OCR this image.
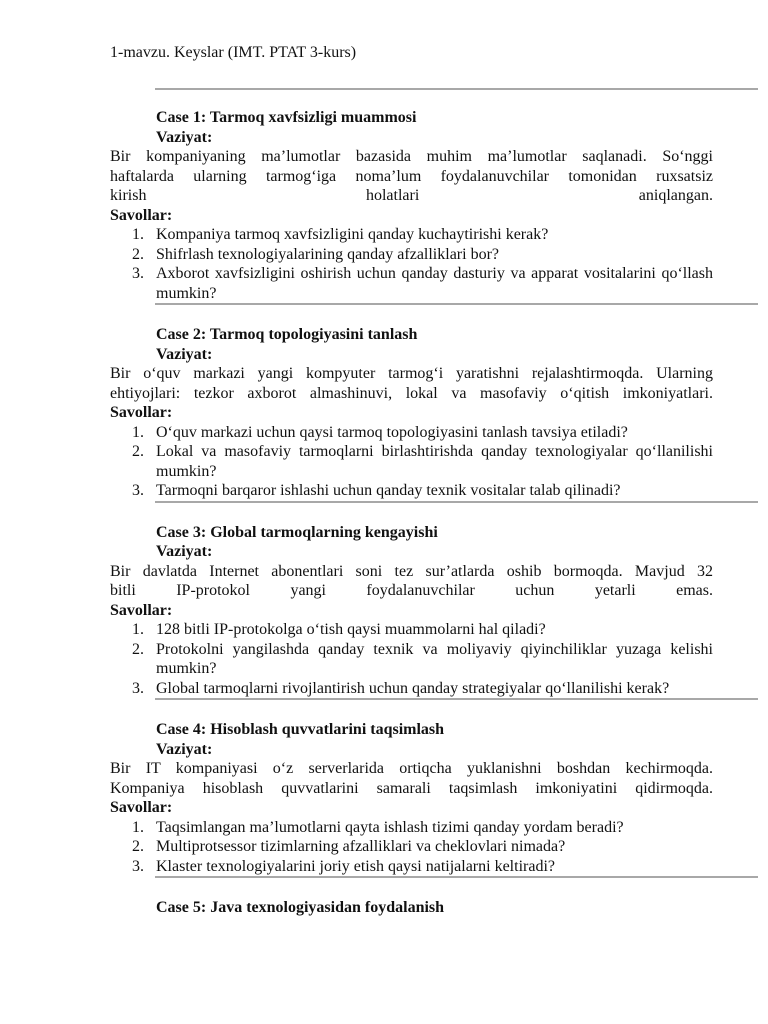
1-mavzu. Keyslar (IMT. PTAT 3-kurs)
Case 1: Tarmoq xavfsizligi muammosi
Vaziyat:
Bir kompaniyaning ma’lumotlar bazasida muhim ma’lumotlar saqlanadi. So‘nggi
haftalarda ularning tarmog‘iga noma’lum foydalanuvchilar tomonidan ruxsatsiz
kirish holatlari aniqlangan.
Savollar:
1. Kompaniya tarmoq xavfsizligini qanday kuchaytirishi kerak?
2. Shifrlash texnologiyalarining qanday afzalliklari bor?
3. Axborot xavfsizligini oshirish uchun qanday dasturiy va apparat vositalarini qo‘llash mumkin?
Case 2: Tarmoq topologiyasini tanlash
Vaziyat:
Bir o‘quv markazi yangi kompyuter tarmog‘i yaratishni rejalashtirmoqda. Ularning
ehtiyojlari: tezkor axborot almashinuvi, lokal va masofaviy o‘qitish imkoniyatlari.
Savollar:
1. O‘quv markazi uchun qaysi tarmoq topologiyasini tanlash tavsiya etiladi?
2. Lokal va masofaviy tarmoqlarni birlashtirishda qanday texnologiyalar qo‘llanilishi mumkin?
3. Tarmoqni barqaror ishlashi uchun qanday texnik vositalar talab qilinadi?
Case 3: Global tarmoqlarning kengayishi
Vaziyat:
Bir davlatda Internet abonentlari soni tez sur’atlarda oshib bormoqda. Mavjud 32
bitli IP-protokol yangi foydalanuvchilar uchun yetarli emas.
Savollar:
1. 128 bitli IP-protokolga o‘tish qaysi muammolarni hal qiladi?
2. Protokolni yangilashda qanday texnik va moliyaviy qiyinchiliklar yuzaga kelishi mumkin?
3. Global tarmoqlarni rivojlantirish uchun qanday strategiyalar qo‘llanilishi kerak?
Case 4: Hisoblash quvvatlarini taqsimlash
Vaziyat:
Bir IT kompaniyasi o‘z serverlarida ortiqcha yuklanishni boshdan kechirmoqda.
Kompaniya hisoblash quvvatlarini samarali taqsimlash imkoniyatini qidirmoqda.
Savollar:
1. Taqsimlangan ma’lumotlarni qayta ishlash tizimi qanday yordam beradi?
2. Multiprotsessor tizimlarning afzalliklari va cheklovlari nimada?
3. Klaster texnologiyalarini joriy etish qaysi natijalarni keltiradi?
Case 5: Java texnologiyasidan foydalanish
